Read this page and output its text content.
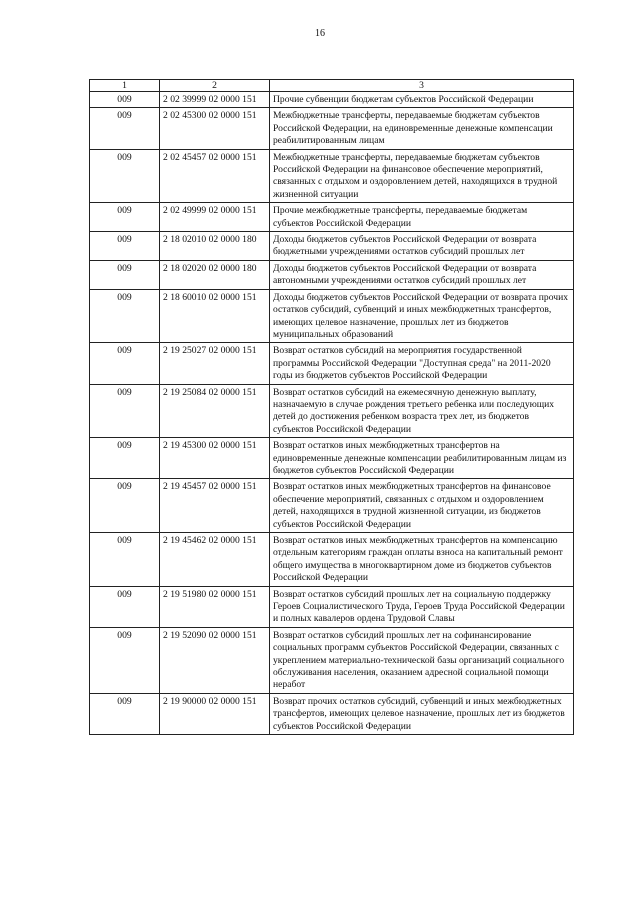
16
1	2	3
009	2 02 39999 02 0000 151	Прочие субвенции бюджетам субъектов Российской Федерации
009	2 02 45300 02 0000 151	Межбюджетные трансферты, передаваемые бюджетам субъектов Российской Федерации, на единовременные денежные компенсации реабилитированным лицам
009	2 02 45457 02 0000 151	Межбюджетные трансферты, передаваемые бюджетам субъектов Российской Федерации на финансовое обеспечение мероприятий, связанных с отдыхом и оздоровлением детей, находящихся в трудной жизненной ситуации
009	2 02 49999 02 0000 151	Прочие межбюджетные трансферты, передаваемые бюджетам субъектов Российской Федерации
009	2 18 02010 02 0000 180	Доходы бюджетов субъектов Российской Федерации от возврата бюджетными учреждениями остатков субсидий прошлых лет
009	2 18 02020 02 0000 180	Доходы бюджетов субъектов Российской Федерации от возврата автономными учреждениями остатков субсидий прошлых лет
009	2 18 60010 02 0000 151	Доходы бюджетов субъектов Российской Федерации от возврата прочих остатков субсидий, субвенций и иных межбюджетных трансфертов, имеющих целевое назначение, прошлых лет из бюджетов муниципальных образований
009	2 19 25027 02 0000 151	Возврат остатков субсидий на мероприятия государственной программы Российской Федерации "Доступная среда" на 2011-2020 годы из бюджетов субъектов Российской Федерации
009	2 19 25084 02 0000 151	Возврат остатков субсидий на ежемесячную денежную выплату, назначаемую в случае рождения третьего ребенка или последующих детей до достижения ребенком возраста трех лет, из бюджетов субъектов Российской Федерации
009	2 19 45300 02 0000 151	Возврат остатков иных межбюджетных трансфертов на единовременные денежные компенсации реабилитированным лицам из бюджетов субъектов Российской Федерации
009	2 19 45457 02 0000 151	Возврат остатков иных межбюджетных трансфертов на финансовое обеспечение мероприятий, связанных с отдыхом и оздоровлением детей, находящихся в трудной жизненной ситуации, из бюджетов субъектов Российской Федерации
009	2 19 45462 02 0000 151	Возврат остатков иных межбюджетных трансфертов на компенсацию отдельным категориям граждан оплаты взноса на капитальный ремонт общего имущества в многоквартирном доме из бюджетов субъектов Российской Федерации
009	2 19 51980 02 0000 151	Возврат остатков субсидий прошлых лет на социальную поддержку Героев Социалистического Труда, Героев Труда Российской Федерации и полных кавалеров ордена Трудовой Славы
009	2 19 52090 02 0000 151	Возврат остатков субсидий прошлых лет на софинансирование социальных программ субъектов Российской Федерации, связанных с укреплением материально-технической базы организаций социального обслуживания населения, оказанием адресной социальной помощи неработ
009	2 19 90000 02 0000 151	Возврат прочих остатков субсидий, субвенций и иных межбюджетных трансфертов, имеющих целевое назначение, прошлых лет из бюджетов субъектов Российской Федерации
